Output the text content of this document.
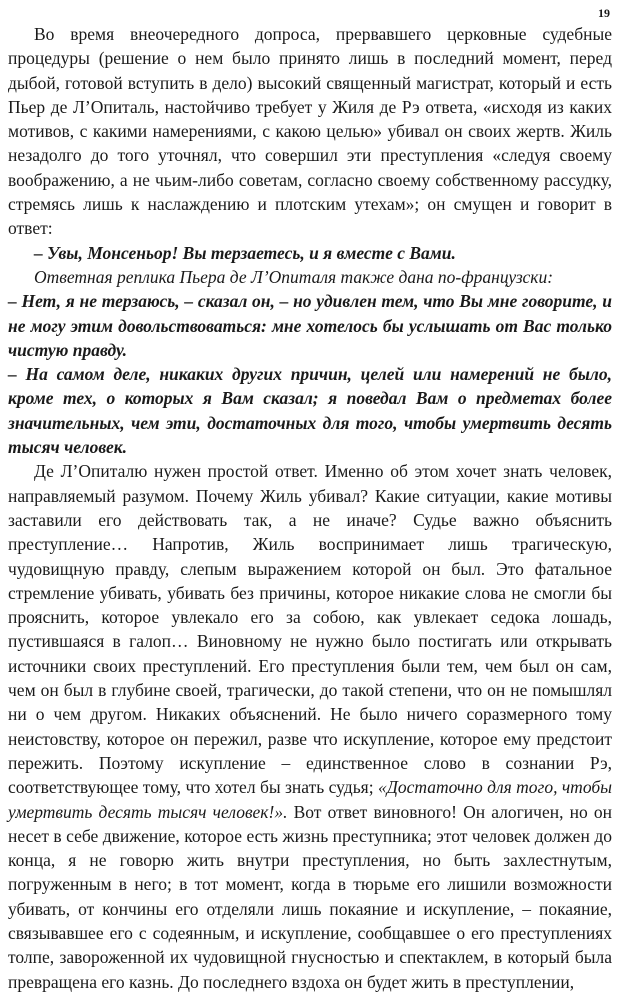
19

Во время внеочередного допроса, прервавшего церковные судебные процедуры (решение о нем было принято лишь в последний момент, перед дыбой, готовой вступить в дело) высокий священный магистрат, который и есть Пьер де Л’Опиталь, настойчиво требует у Жиля де Рэ ответа, «исходя из каких мотивов, с какими намерениями, с какою целью» убивал он своих жертв. Жиль незадолго до того уточнял, что совершил эти преступления «следуя своему воображению, а не чьим-либо советам, согласно своему собственному рассудку, стремясь лишь к наслаждению и плотским утехам»; он смущен и говорит в ответ:

– Увы, Монсеньор! Вы терзаетесь, и я вместе с Вами.

Ответная реплика Пьера де Л’Опиталя также дана по-французски:

– Нет, я не терзаюсь, – сказал он, – но удивлен тем, что Вы мне говорите, и не могу этим довольствоваться: мне хотелось бы услышать от Вас только чистую правду.

– На самом деле, никаких других причин, целей или намерений не было, кроме тех, о которых я Вам сказал; я поведал Вам о предметах более значительных, чем эти, достаточных для того, чтобы умертвить десять тысяч человек.

Де Л’Опиталю нужен простой ответ. Именно об этом хочет знать человек, направляемый разумом. Почему Жиль убивал? Какие ситуации, какие мотивы заставили его действовать так, а не иначе? Судье важно объяснить преступление… Напротив, Жиль воспринимает лишь трагическую, чудовищную правду, слепым выражением которой он был. Это фатальное стремление убивать, убивать без причины, которое никакие слова не смогли бы прояснить, которое увлекало его за собою, как увлекает седока лошадь, пустившаяся в галоп… Виновному не нужно было постигать или открывать источники своих преступлений. Его преступления были тем, чем был он сам, чем он был в глубине своей, трагически, до такой степени, что он не помышлял ни о чем другом. Никаких объяснений. Не было ничего соразмерного тому неистовству, которое он пережил, разве что искупление, которое ему предстоит пережить. Поэтому искупление – единственное слово в сознании Рэ, соответствующее тому, что хотел бы знать судья; «Достаточно для того, чтобы умертвить десять тысяч человек!». Вот ответ виновного! Он алогичен, но он несет в себе движение, которое есть жизнь преступника; этот человек должен до конца, я не говорю жить внутри преступления, но быть захлестнутым, погруженным в него; в тот момент, когда в тюрьме его лишили возможности убивать, от кончины его отделяли лишь покаяние и искупление, – покаяние, связывавшее его с содеянным, и искупление, сообщавшее о его преступлениях толпе, завороженной их чудовищной гнусностью и спектаклем, в который была превращена его казнь. До последнего вздоха он будет жить в преступлении,
